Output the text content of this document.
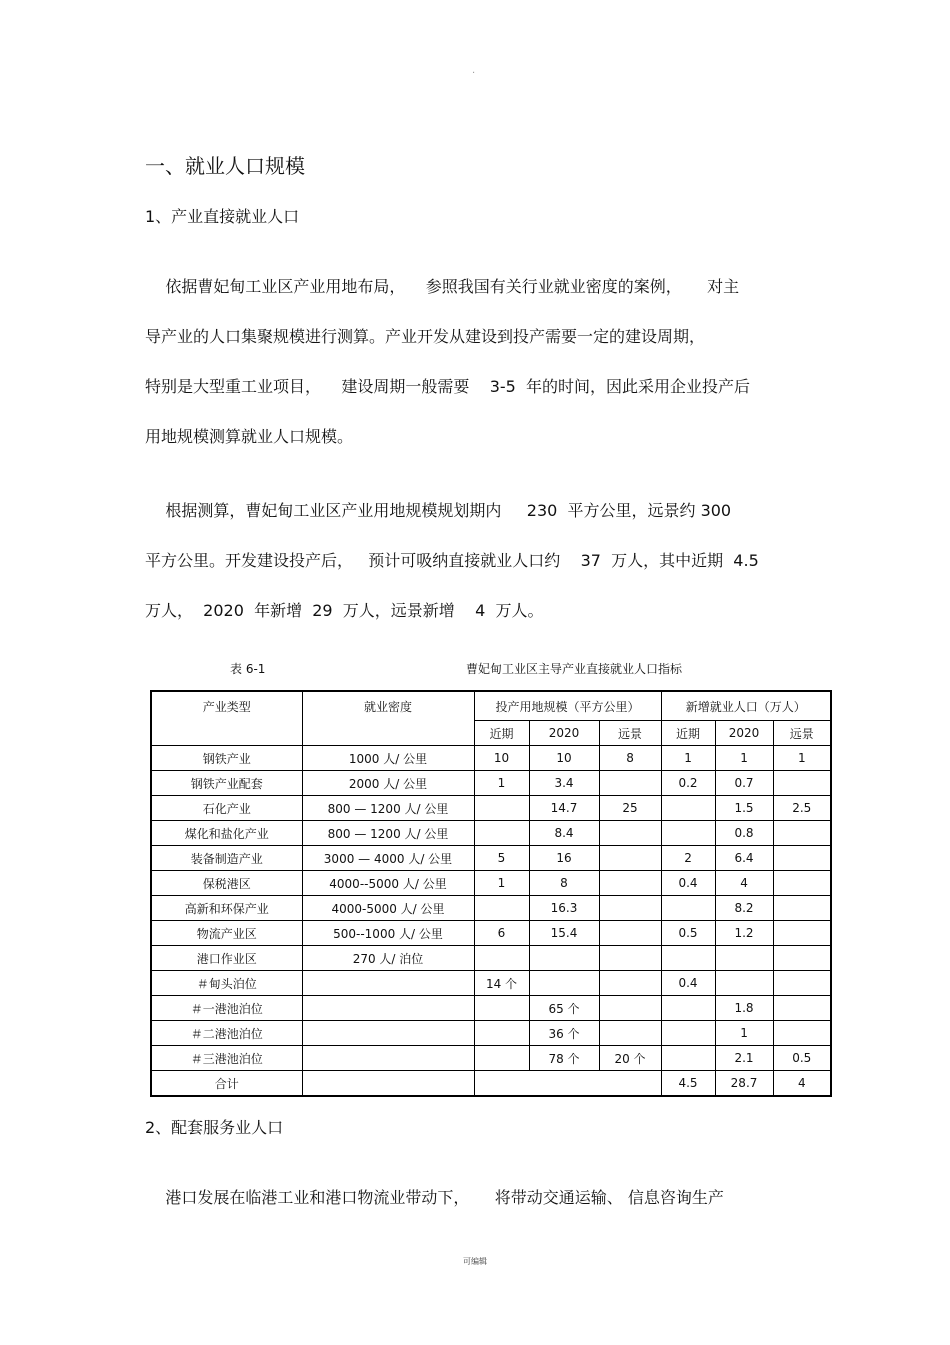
·
一、就业人口规模
1、产业直接就业人口
依据曹妃甸工业区产业用地布局，    参照我国有关行业就业密度的案例，     对主
导产业的人口集聚规模进行测算。产业开发从建设到投产需要一定的建设周期，
特别是大型重工业项目，    建设周期一般需要    3-5  年的时间，因此采用企业投产后
用地规模测算就业人口规模。
根据测算，曹妃甸工业区产业用地规模规划期内     230  平方公里，远景约 300
平方公里。开发建设投产后，   预计可吸纳直接就业人口约    37  万人，其中近期  4.5
万人，  2020  年新增  29  万人，远景新增    4  万人。
表 6-1	曹妃甸工业区主导产业直接就业人口指标
产业类型	就业密度	投产用地规模（平方公里）			新增就业人口（万人）		
		近期	2020	远景	近期	2020	远景
钢铁产业	1000 人/ 公里	10	10	8	1	1	1
钢铁产业配套	2000 人/ 公里	1	3.4		0.2	0.7	
石化产业	800 — 1200 人/ 公里		14.7	25		1.5	2.5
煤化和盐化产业	800 — 1200 人/ 公里		8.4			0.8	
装备制造产业	3000 — 4000 人/ 公里	5	16		2	6.4	
保税港区	4000--5000 人/ 公里	1	8		0.4	4	
高新和环保产业	4000-5000 人/ 公里		16.3			8.2	
物流产业区	500--1000 人/ 公里	6	15.4		0.5	1.2	
港口作业区	270 人/ 泊位						
＃甸头泊位		14 个			0.4		
＃一港池泊位			65 个			1.8	
＃二港池泊位			36 个			1	
＃三港池泊位			78 个	20 个		2.1	0.5
合计					4.5	28.7	4
2、配套服务业人口
港口发展在临港工业和港口物流业带动下，     将带动交通运输、 信息咨询生产
可编辑
